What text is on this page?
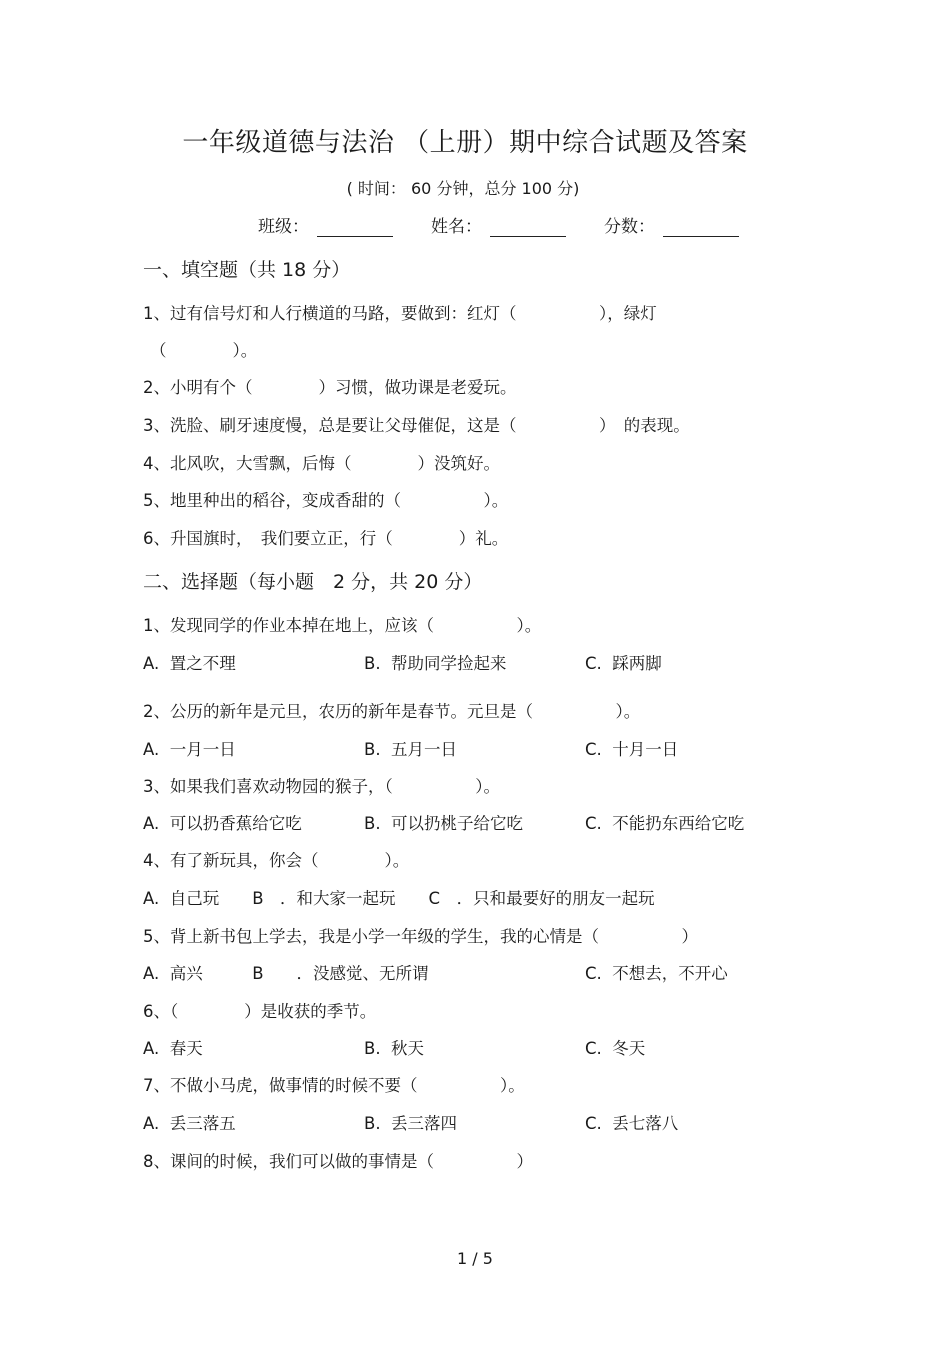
一年级道德与法治 （上册）期中综合试题及答案
( 时间： 60 分钟，总分 100 分)
班级：	姓名：	分数：
一、填空题（共 18 分）
1、过有信号灯和人行横道的马路，要做到：红灯（　　　　　），绿灯
（　　　　）。
2、小明有个（　　　　）习惯，做功课是老爱玩。
3、洗脸、刷牙速度慢，总是要让父母催促，这是（　　　　　）　的表现。
4、北风吹，大雪飘，后悔（　　　　）没筑好。
5、地里种出的稻谷，变成香甜的（　　　　　）。
6、升国旗时，　我们要立正，行（　　　　）礼。
二、选择题（每小题　2 分，共 20 分）
1、发现同学的作业本掉在地上，应该（　　　　　）。
A.  置之不理	B.  帮助同学捡起来	C.  踩两脚
2、公历的新年是元旦，农历的新年是春节。元旦是（　　　　　）。
A.  一月一日	B.  五月一日	C.  十月一日
3、如果我们喜欢动物园的猴子，（　　　　　）。
A.  可以扔香蕉给它吃	B.  可以扔桃子给它吃	C.  不能扔东西给它吃
4、有了新玩具，你会（　　　　）。
A.  自己玩　　B　．和大家一起玩　　C　．只和最要好的朋友一起玩
5、背上新书包上学去，我是小学一年级的学生，我的心情是（　　　　　）
A.  高兴　　　B　　．没感觉、无所谓	C.  不想去，不开心
6、（　　　　）是收获的季节。
A.  春天	B.  秋天	C.  冬天
7、不做小马虎，做事情的时候不要（　　　　　）。
A.  丢三落五	B.  丢三落四	C.  丢七落八
8、课间的时候，我们可以做的事情是（　　　　　）
1 / 5
